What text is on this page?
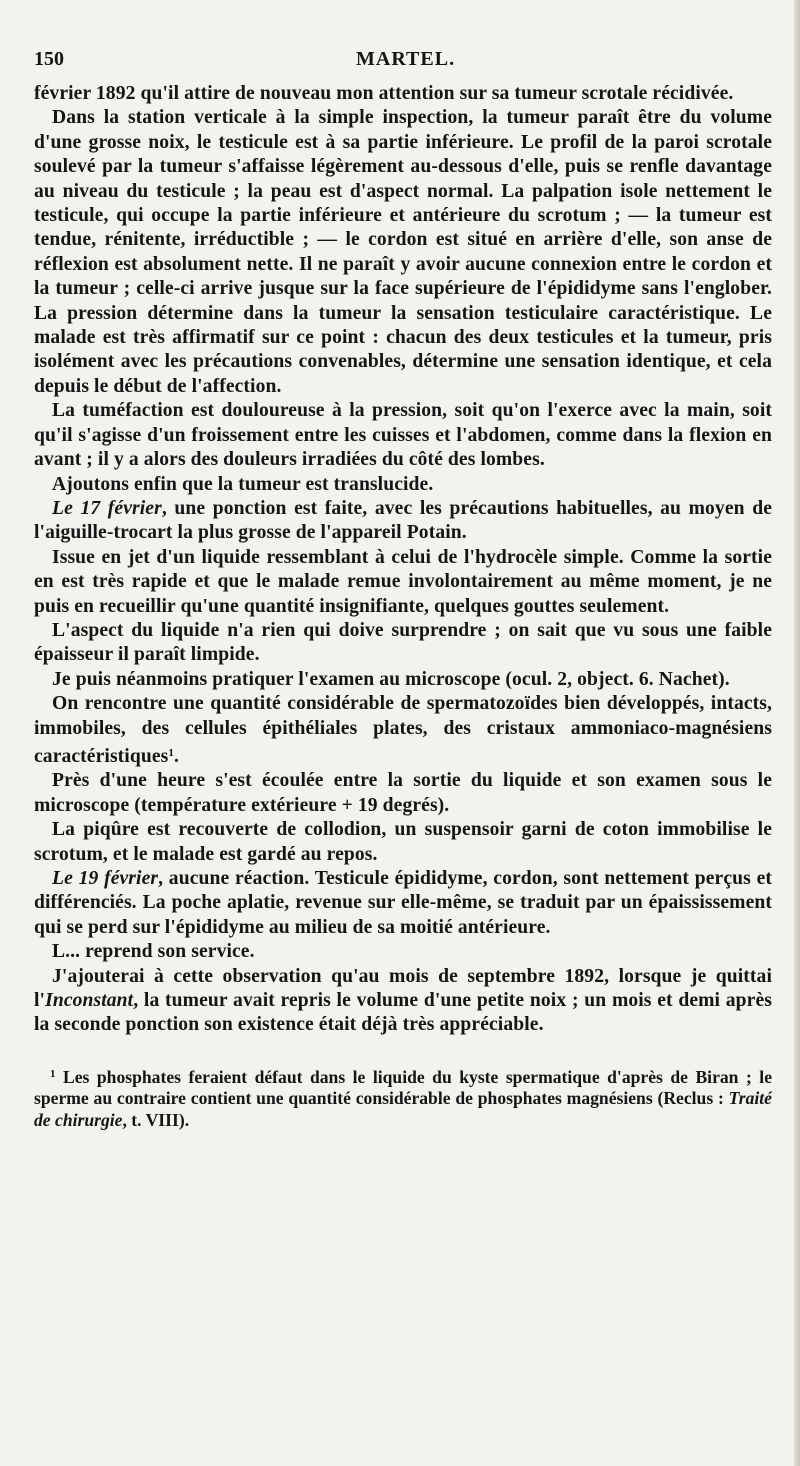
150	MARTEL.

février 1892 qu'il attire de nouveau mon attention sur sa tumeur scrotale récidivée.

Dans la station verticale à la simple inspection, la tumeur paraît être du volume d'une grosse noix, le testicule est à sa partie inférieure. Le profil de la paroi scrotale soulevé par la tumeur s'affaisse légèrement au-dessous d'elle, puis se renfle davantage au niveau du testicule ; la peau est d'aspect normal. La palpation isole nettement le testicule, qui occupe la partie inférieure et antérieure du scrotum ; — la tumeur est tendue, rénitente, irréductible ; — le cordon est situé en arrière d'elle, son anse de réflexion est absolument nette. Il ne paraît y avoir aucune connexion entre le cordon et la tumeur ; celle-ci arrive jusque sur la face supérieure de l'épididyme sans l'englober. La pression détermine dans la tumeur la sensation testiculaire caractéristique. Le malade est très affirmatif sur ce point : chacun des deux testicules et la tumeur, pris isolément avec les précautions convenables, détermine une sensation identique, et cela depuis le début de l'affection.

La tuméfaction est douloureuse à la pression, soit qu'on l'exerce avec la main, soit qu'il s'agisse d'un froissement entre les cuisses et l'abdomen, comme dans la flexion en avant ; il y a alors des douleurs irradiées du côté des lombes.

Ajoutons enfin que la tumeur est translucide.

Le 17 février, une ponction est faite, avec les précautions habituelles, au moyen de l'aiguille-trocart la plus grosse de l'appareil Potain.

Issue en jet d'un liquide ressemblant à celui de l'hydrocèle simple. Comme la sortie en est très rapide et que le malade remue involontairement au même moment, je ne puis en recueillir qu'une quantité insignifiante, quelques gouttes seulement.

L'aspect du liquide n'a rien qui doive surprendre ; on sait que vu sous une faible épaisseur il paraît limpide.

Je puis néanmoins pratiquer l'examen au microscope (ocul. 2, object. 6. Nachet).

On rencontre une quantité considérable de spermatozoïdes bien développés, intacts, immobiles, des cellules épithéliales plates, des cristaux ammoniaco-magnésiens caractéristiques$^1$.

Près d'une heure s'est écoulée entre la sortie du liquide et son examen sous le microscope (température extérieure + 19 degrés).

La piqûre est recouverte de collodion, un suspensoir garni de coton immobilise le scrotum, et le malade est gardé au repos.

Le 19 février, aucune réaction. Testicule épididyme, cordon, sont nettement perçus et différenciés. La poche aplatie, revenue sur elle-même, se traduit par un épaississement qui se perd sur l'épididyme au milieu de sa moitié antérieure.

L... reprend son service.

J'ajouterai à cette observation qu'au mois de septembre 1892, lorsque je quittai l'Inconstant, la tumeur avait repris le volume d'une petite noix ; un mois et demi après la seconde ponction son existence était déjà très appréciable.

$^1$ Les phosphates feraient défaut dans le liquide du kyste spermatique d'après de Biran ; le sperme au contraire contient une quantité considérable de phosphates magnésiens (Reclus : Traité de chirurgie, t. VIII).
